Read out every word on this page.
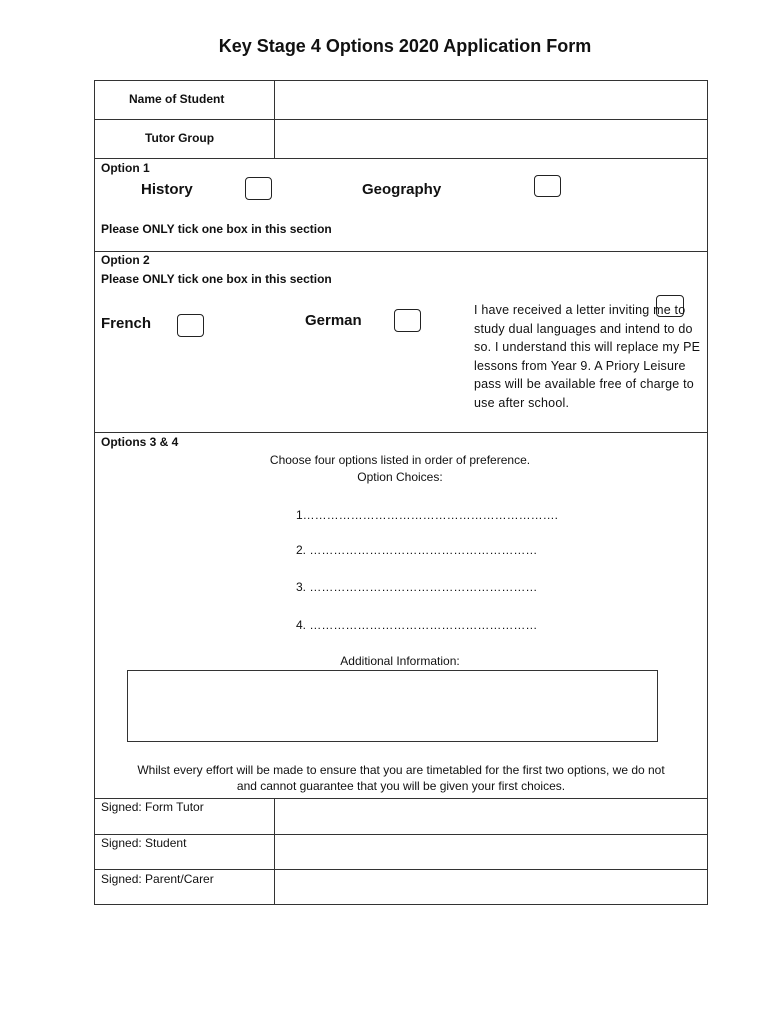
Key Stage 4 Options 2020 Application Form
Name of Student
Tutor Group
Option 1
History	Geography
Please ONLY tick one box in this section
Option 2
Please ONLY tick one box in this section
French	German
I have received a letter inviting me to study dual languages and intend to do so. I understand this will replace my PE lessons from Year 9. A Priory Leisure pass will be available free of charge to use after school.
Options 3 & 4
Choose four options listed in order of preference.
Option Choices:
1……………………………………………………….
2. …………………………………………………
3. …………………………………………………
4. …………………………………………………
Additional Information:
Whilst every effort will be made to ensure that you are timetabled for the first two options, we do not
and cannot guarantee that you will be given your first choices.
Signed: Form Tutor
Signed: Student
Signed: Parent/Carer
